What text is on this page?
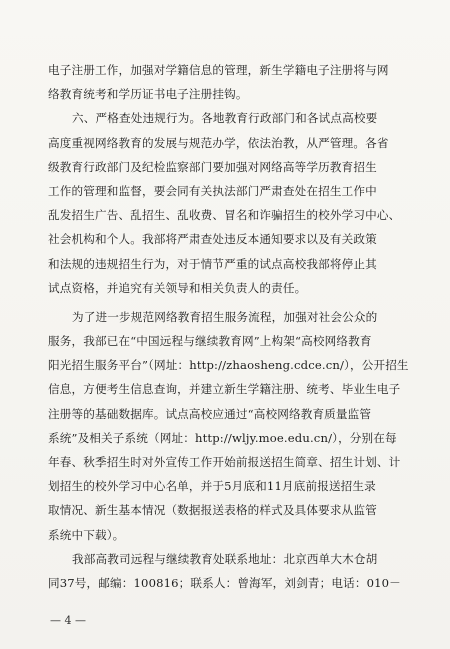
电子注册工作，加强对学籍信息的管理，新生学籍电子注册将与网
络教育统考和学历证书电子注册挂钩。
六、严格查处违规行为。各地教育行政部门和各试点高校要
高度重视网络教育的发展与规范办学，依法治教，从严管理。各省
级教育行政部门及纪检监察部门要加强对网络高等学历教育招生
工作的管理和监督，要会同有关执法部门严肃查处在招生工作中
乱发招生广告、乱招生、乱收费、冒名和诈骗招生的校外学习中心、
社会机构和个人。我部将严肃查处违反本通知要求以及有关政策
和法规的违规招生行为，对于情节严重的试点高校我部将停止其
试点资格，并追究有关领导和相关负责人的责任。
为了进一步规范网络教育招生服务流程，加强对社会公众的
服务，我部已在“中国远程与继续教育网”上构架“高校网络教育
阳光招生服务平台”（网址：http://zhaosheng.cdce.cn/），公开招生
信息，方便考生信息查询，并建立新生学籍注册、统考、毕业生电子
注册等的基础数据库。试点高校应通过“高校网络教育质量监管
系统”及相关子系统（网址：http://wljy.moe.edu.cn/），分别在每
年春、秋季招生时对外宣传工作开始前报送招生简章、招生计划、计
划招生的校外学习中心名单，并于5月底和11月底前报送招生录
取情况、新生基本情况（数据报送表格的样式及具体要求从监管
系统中下载）。
我部高教司远程与继续教育处联系地址：北京西单大木仓胡
同37号，邮编：100816；联系人：曾海军，刘剑青；电话：010－
— 4 —
